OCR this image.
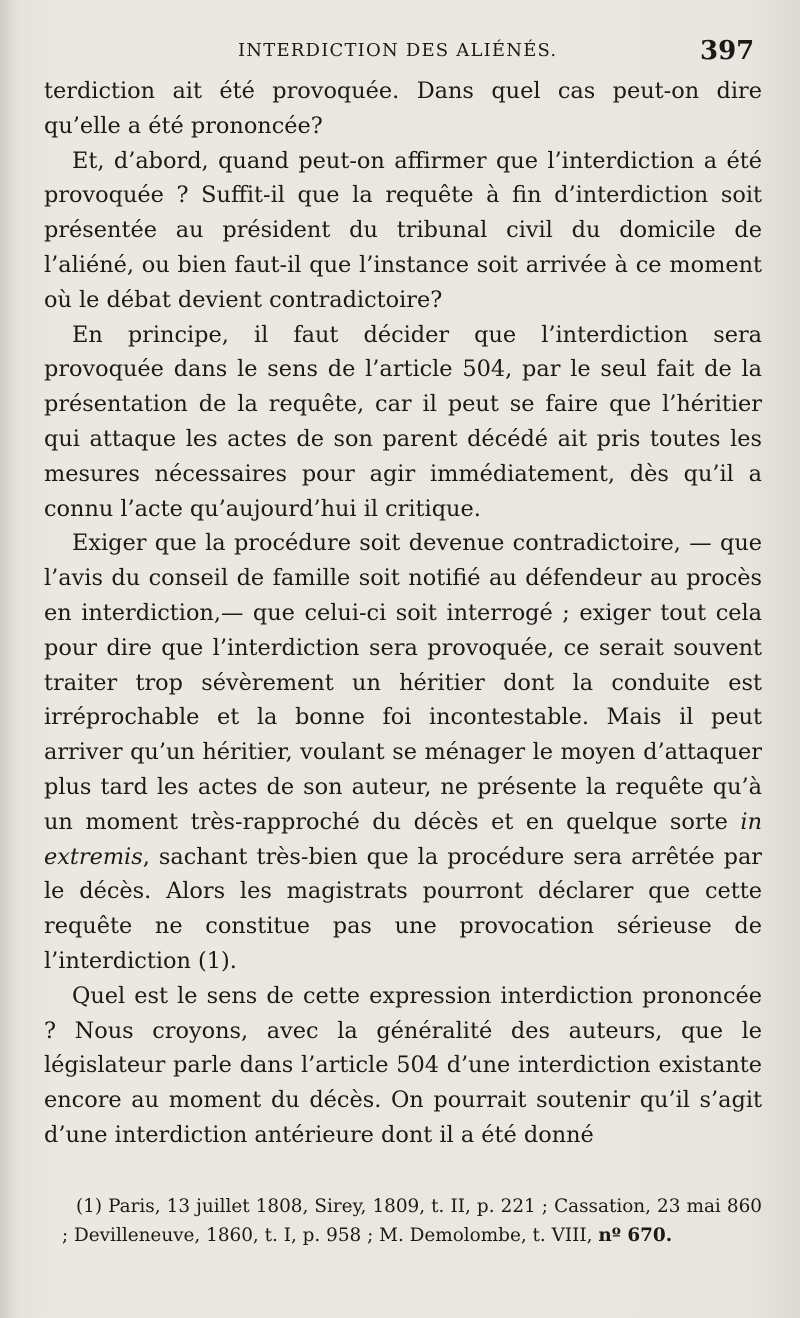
INTERDICTION DES ALIÉNÉS.	397

terdiction ait été provoquée. Dans quel cas peut-on dire qu’elle a été prononcée?

Et, d’abord, quand peut-on affirmer que l’interdiction a été provoquée ? Suffit-il que la requête à fin d’interdiction soit présentée au président du tribunal civil du domicile de l’aliéné, ou bien faut-il que l’instance soit arrivée à ce moment où le débat devient contradictoire?

En principe, il faut décider que l’interdiction sera provoquée dans le sens de l’article 504, par le seul fait de la présentation de la requête, car il peut se faire que l’héritier qui attaque les actes de son parent décédé ait pris toutes les mesures nécessaires pour agir immédiatement, dès qu’il a connu l’acte qu’aujourd’hui il critique.

Exiger que la procédure soit devenue contradictoire, — que l’avis du conseil de famille soit notifié au défendeur au procès en interdiction,— que celui-ci soit interrogé ; exiger tout cela pour dire que l’interdiction sera provoquée, ce serait souvent traiter trop sévèrement un héritier dont la conduite est irréprochable et la bonne foi incontestable. Mais il peut arriver qu’un héritier, voulant se ménager le moyen d’attaquer plus tard les actes de son auteur, ne présente la requête qu’à un moment très-rapproché du décès et en quelque sorte in extremis, sachant très-bien que la procédure sera arrêtée par le décès. Alors les magistrats pourront déclarer que cette requête ne constitue pas une provocation sérieuse de l’interdiction (1).

Quel est le sens de cette expression interdiction prononcée ? Nous croyons, avec la généralité des auteurs, que le législateur parle dans l’article 504 d’une interdiction existante encore au moment du décès. On pourrait soutenir qu’il s’agit d’une interdiction antérieure dont il a été donné

(1) Paris, 13 juillet 1808, Sirey, 1809, t. II, p. 221 ; Cassation, 23 mai 860 ; Devilleneuve, 1860, t. I, p. 958 ; M. Demolombe, t. VIII, nº 670.
